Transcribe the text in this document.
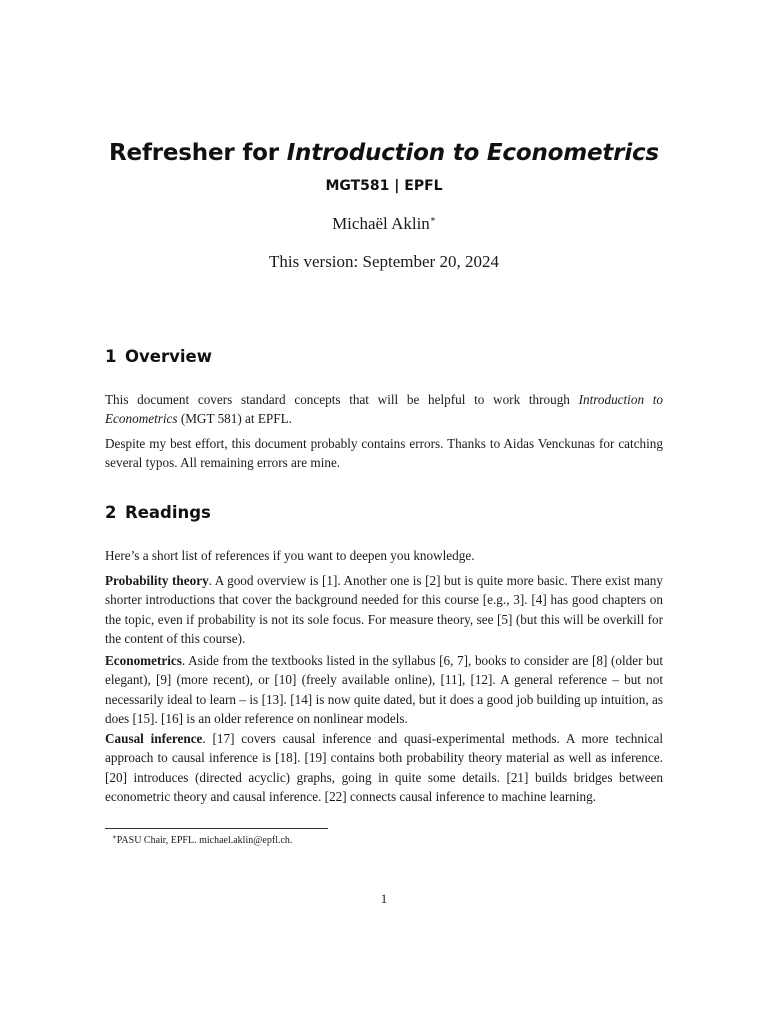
Refresher for Introduction to Econometrics
MGT581 | EPFL
Michaël Aklin∗
This version: September 20, 2024
1 Overview

This document covers standard concepts that will be helpful to work through Introduction to Econometrics (MGT 581) at EPFL.

Despite my best effort, this document probably contains errors. Thanks to Aidas Venckunas for catching several typos. All remaining errors are mine.

2 Readings

Here’s a short list of references if you want to deepen you knowledge.

Probability theory. A good overview is [1]. Another one is [2] but is quite more basic. There exist many shorter introductions that cover the background needed for this course [e.g., 3]. [4] has good chapters on the topic, even if probability is not its sole focus. For measure theory, see [5] (but this will be overkill for the content of this course).

Econometrics. Aside from the textbooks listed in the syllabus [6, 7], books to consider are [8] (older but elegant), [9] (more recent), or [10] (freely available online), [11], [12]. A general reference – but not necessarily ideal to learn – is [13]. [14] is now quite dated, but it does a good job building up intuition, as does [15]. [16] is an older reference on nonlinear models.

Causal inference. [17] covers causal inference and quasi-experimental methods. A more technical approach to causal inference is [18]. [19] contains both probability theory material as well as inference. [20] introduces (directed acyclic) graphs, going in quite some details. [21] builds bridges between econometric theory and causal inference. [22] connects causal inference to machine learning.

∗PASU Chair, EPFL. michael.aklin@epfl.ch.
1
